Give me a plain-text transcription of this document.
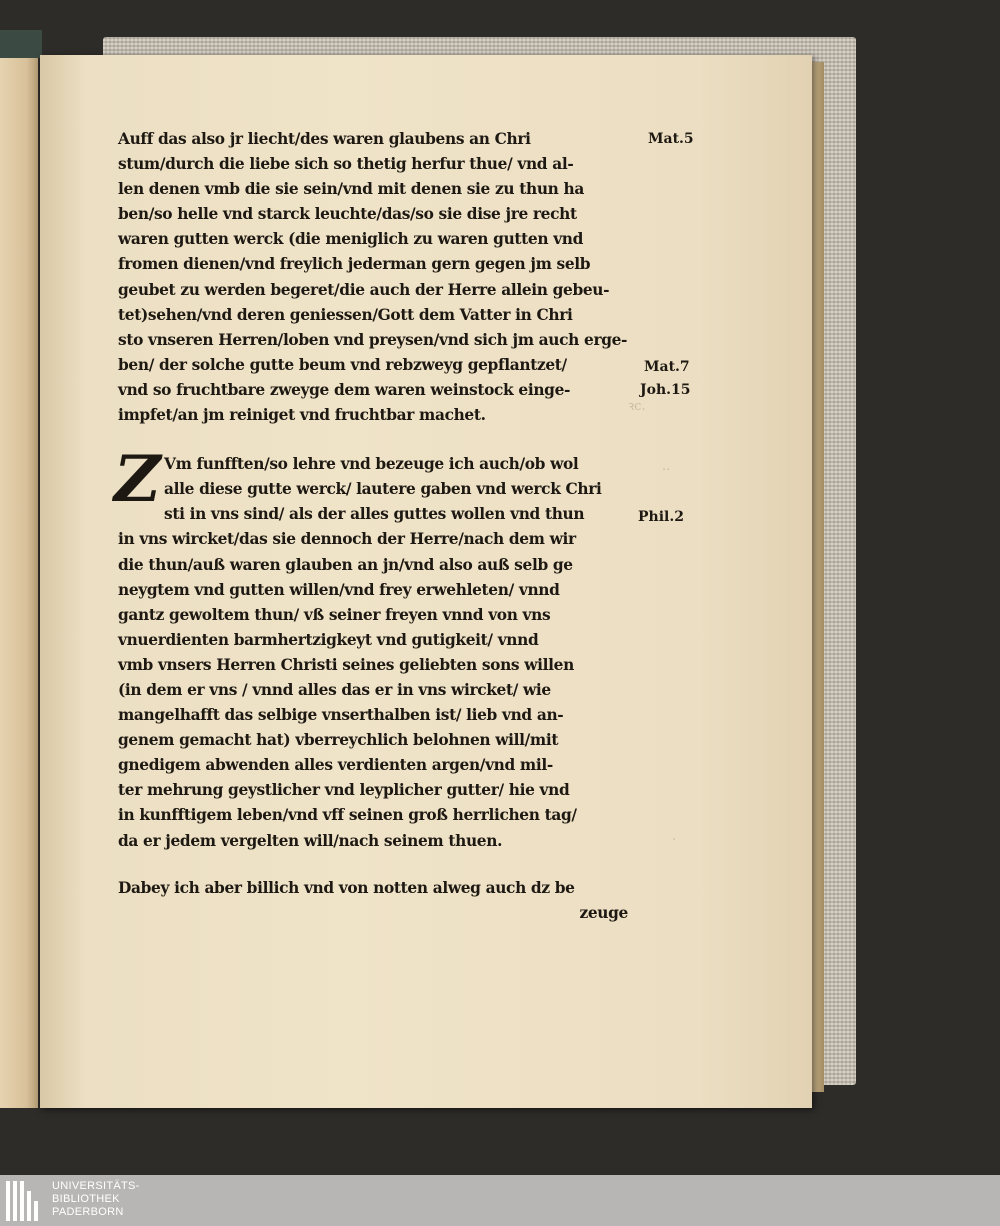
ꝛc.
..
.
Auff das also jr liecht/des waren glaubens an Chri
stum/durch die liebe sich so thetig herfur thue/ vnd al-
len denen vmb die sie sein/vnd mit denen sie zu thun ha
ben/so helle vnd starck leuchte/das/so sie dise jre recht
waren gutten werck (die meniglich zu waren gutten vnd
fromen dienen/vnd freylich jederman gern gegen jm selb
geubet zu werden begeret/die auch der Herre allein gebeu-
tet)sehen/vnd deren geniessen/Gott dem Vatter in Chri
sto vnseren Herren/loben vnd preysen/vnd sich jm auch erge-
ben/ der solche gutte beum vnd rebzweyg gepflantzet/
vnd so fruchtbare zweyge dem waren weinstock einge-
impfet/an jm reiniget vnd fruchtbar machet.
Z Vm funfften/so lehre vnd bezeuge ich auch/ob wol
alle diese gutte werck/ lautere gaben vnd werck Chri
sti in vns sind/ als der alles guttes wollen vnd thun
in vns wircket/das sie dennoch der Herre/nach dem wir
die thun/auß waren glauben an jn/vnd also auß selb ge
neygtem vnd gutten willen/vnd frey erwehleten/ vnnd
gantz gewoltem thun/ vß seiner freyen vnnd von vns
vnuerdienten barmhertzigkeyt vnd gutigkeit/ vnnd
vmb vnsers Herren Christi seines geliebten sons willen
(in dem er vns / vnnd alles das er in vns wircket/ wie
mangelhafft das selbige vnserthalben ist/ lieb vnd an-
genem gemacht hat) vberreychlich belohnen will/mit
gnedigem abwenden alles verdienten argen/vnd mil-
ter mehrung geystlicher vnd leyplicher gutter/ hie vnd
in kunfftigem leben/vnd vff seinen groß herrlichen tag/
da er jedem vergelten will/nach seinem thuen.
Dabey ich aber billich vnd von notten alweg auch dz be
zeuge
Mat.5
Mat.7
Joh.15
Phil.2
UNIVERSITÄTS-
BIBLIOTHEK
PADERBORN
